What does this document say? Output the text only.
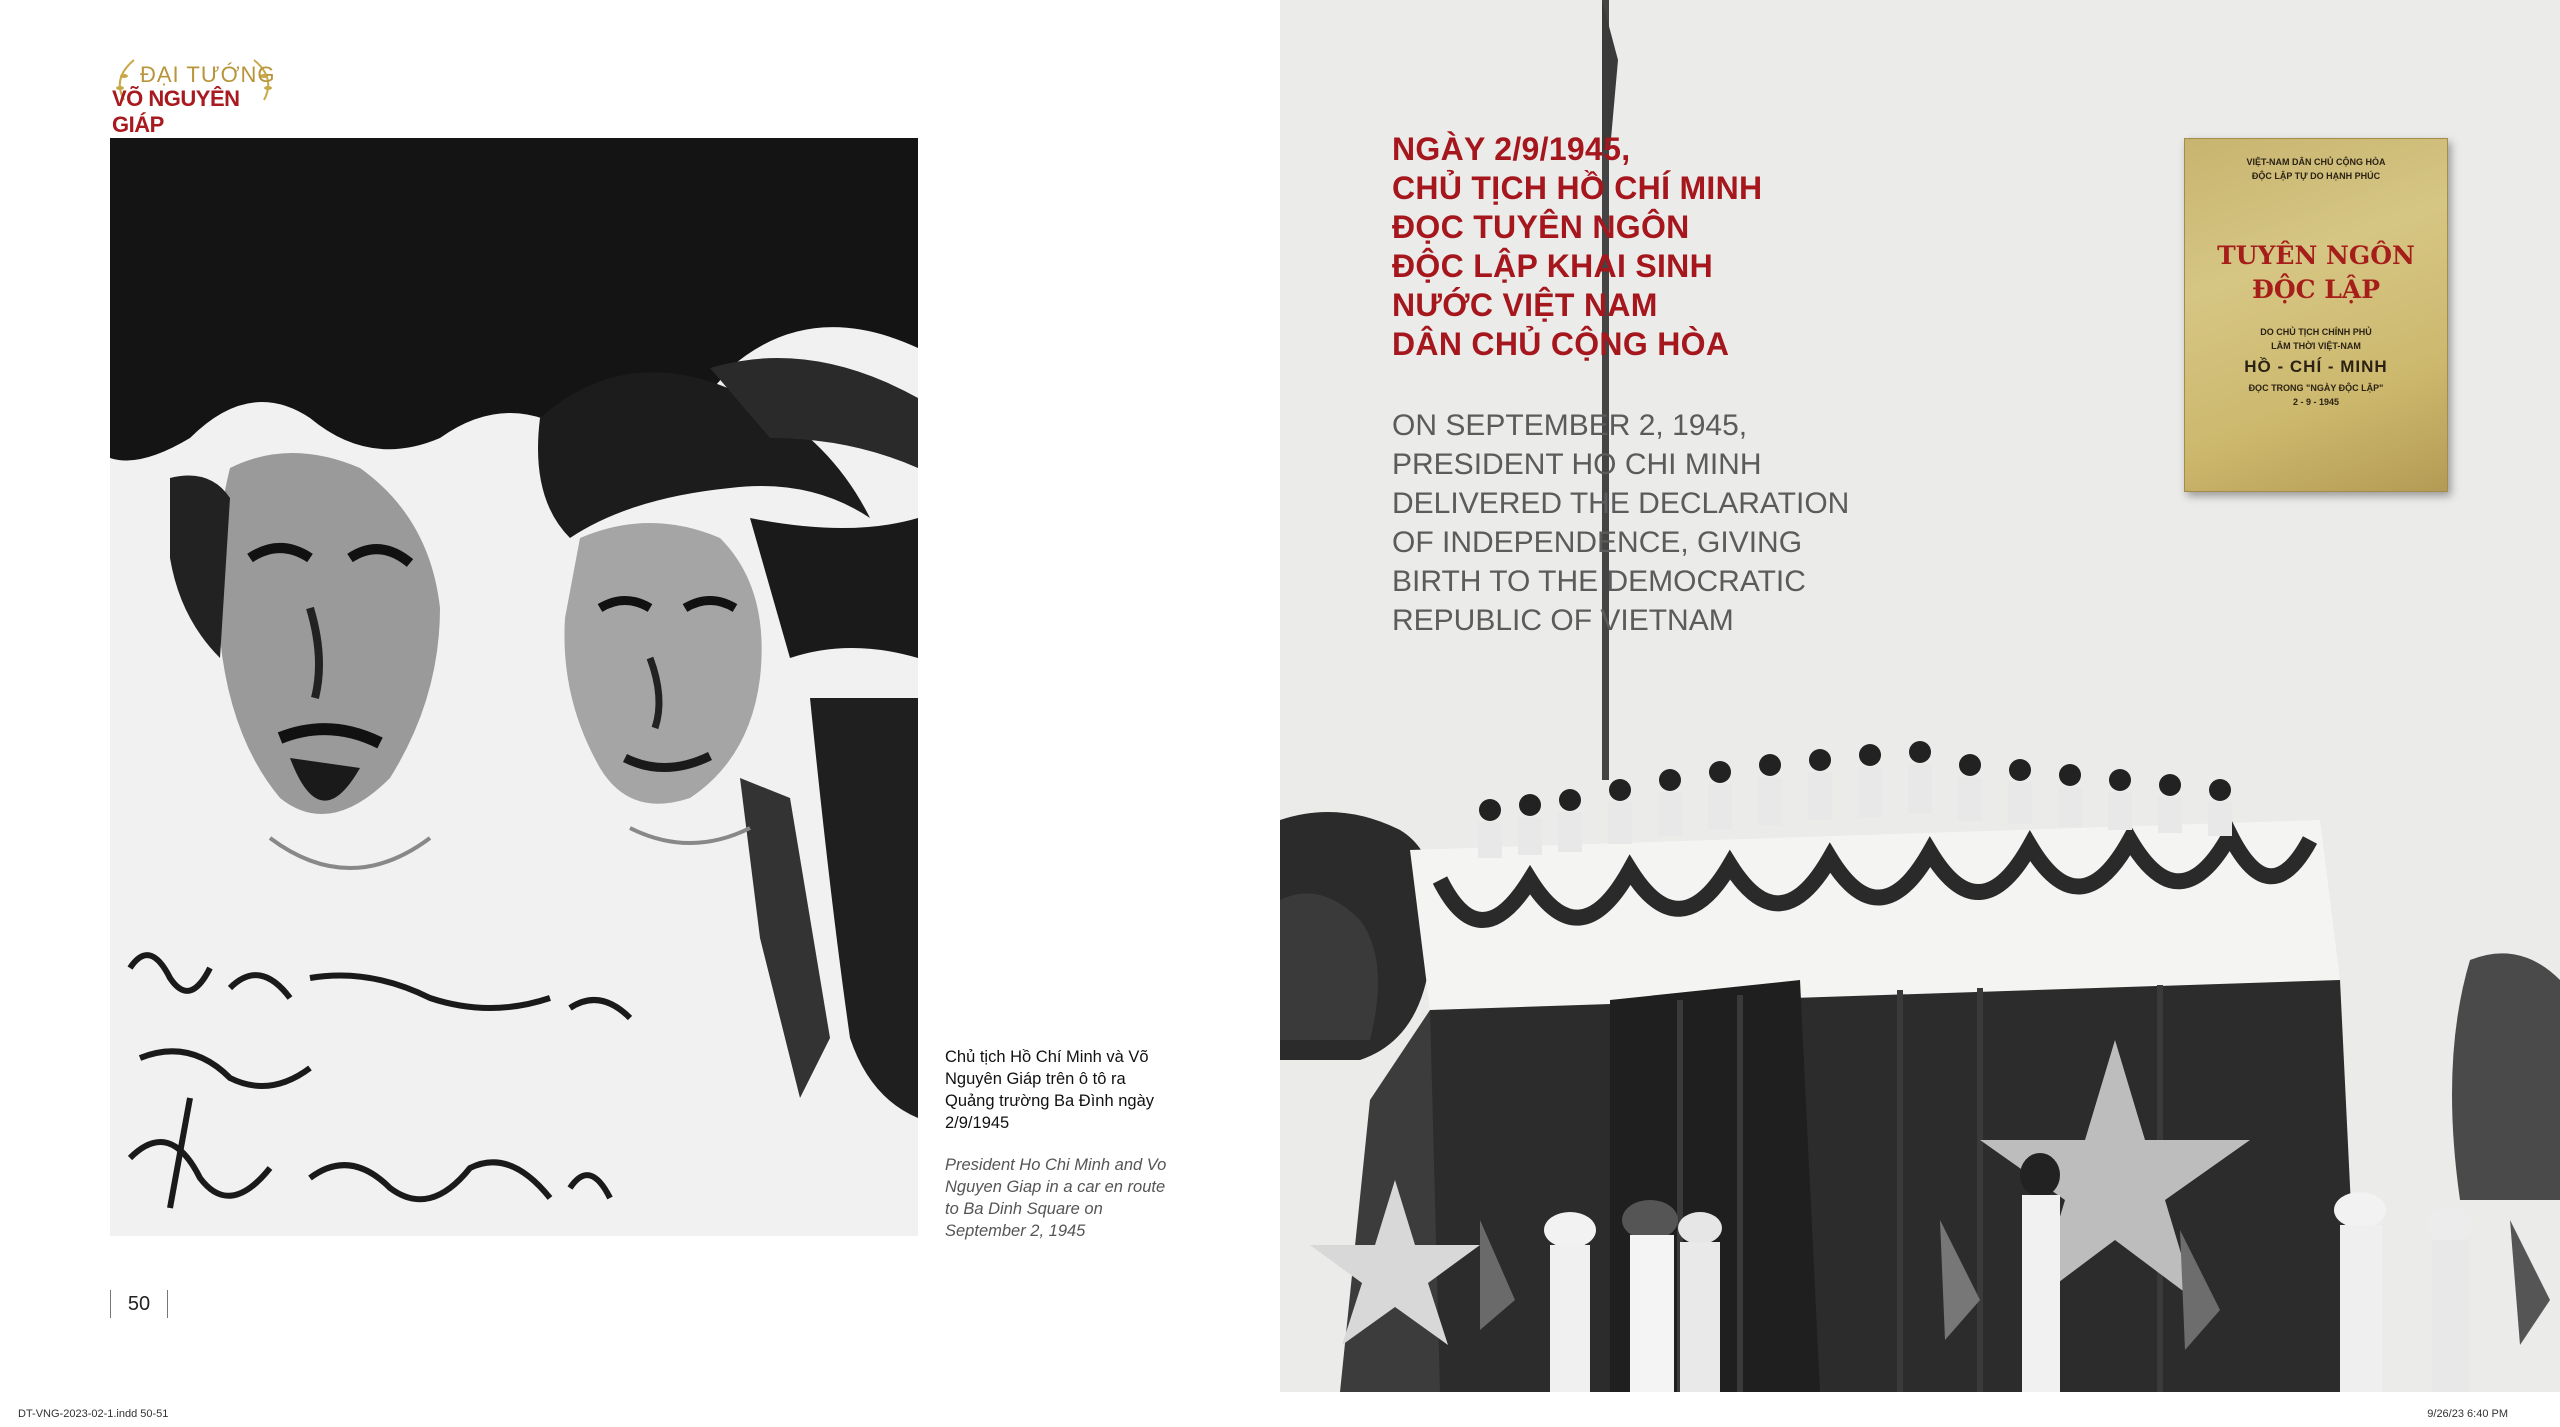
ĐẠI TƯỚNG
VÕ NGUYÊN GIÁP
Chủ tịch Hồ Chí Minh và Võ Nguyên Giáp trên ô tô ra Quảng trường Ba Đình ngày 2/9/1945
President Ho Chi Minh and Vo Nguyen Giap in a car en route to Ba Dinh Square on September 2, 1945
50
NGÀY 2/9/1945,
CHỦ TỊCH HỒ CHÍ MINH
ĐỌC TUYÊN NGÔN
ĐỘC LẬP KHAI SINH
NƯỚC VIỆT NAM
DÂN CHỦ CỘNG HÒA
ON SEPTEMBER 2, 1945,
PRESIDENT HO CHI MINH
DELIVERED THE DECLARATION
OF INDEPENDENCE, GIVING
BIRTH TO THE DEMOCRATIC
REPUBLIC OF VIETNAM
VIỆT-NAM DÂN CHỦ CỘNG HÒA
ĐỘC LẬP TỰ DO HẠNH PHÚC
TUYÊN NGÔN
ĐỘC LẬP
DO CHỦ TỊCH CHÍNH PHỦ
LÂM THỜI VIỆT-NAM
HỒ - CHÍ - MINH
ĐỌC TRONG "NGÀY ĐỘC LẬP"
2 - 9 - 1945
DT-VNG-2023-02-1.indd 50-51	9/26/23 6:40 PM
